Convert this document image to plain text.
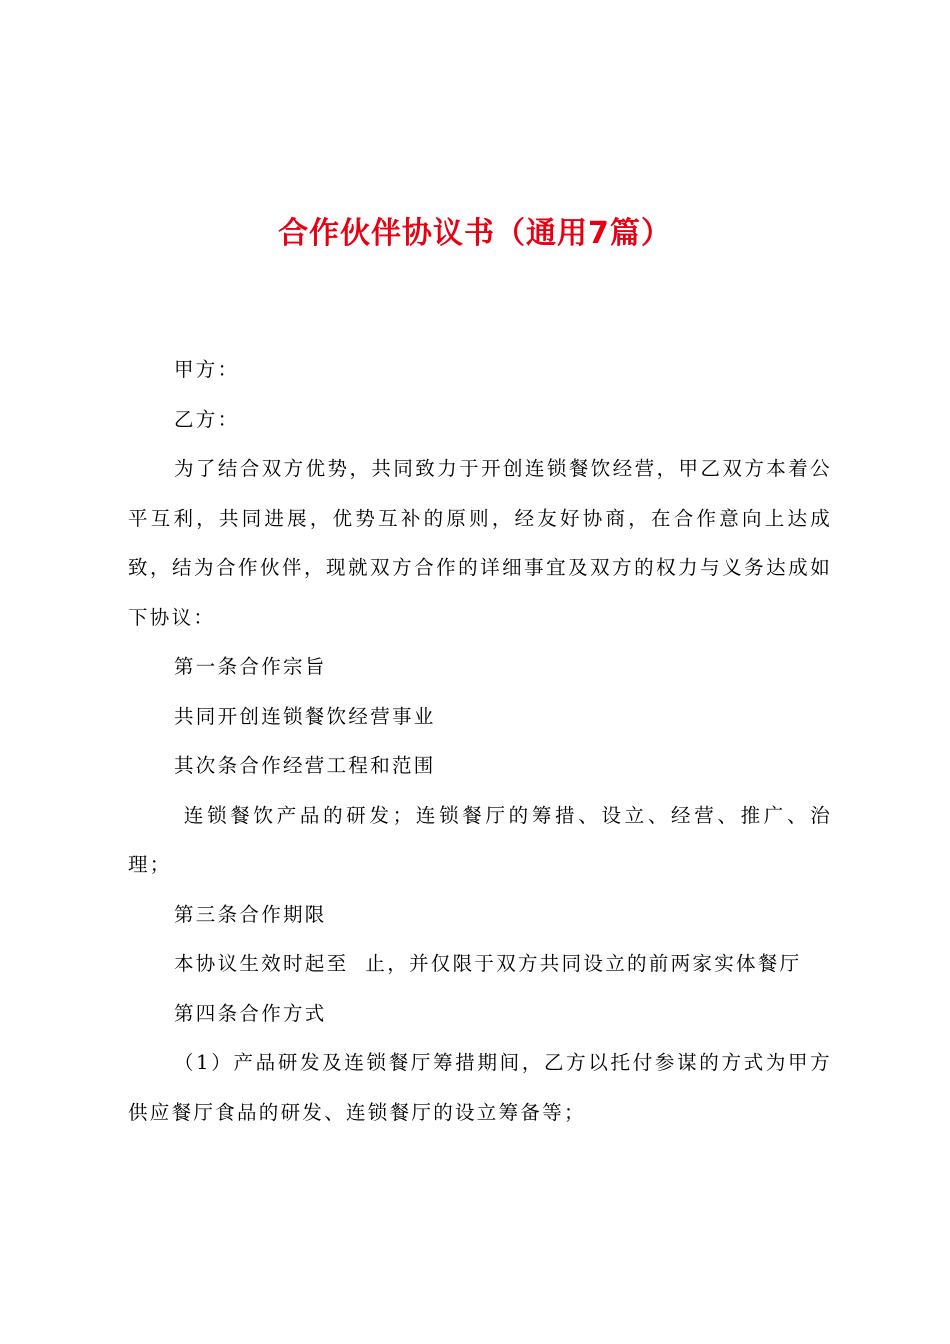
合作伙伴协议书（通用7篇）

甲方：

乙方：

为了结合双方优势，共同致力于开创连锁餐饮经营，甲乙双方本着公平互利，共同进展，优势互补的原则，经友好协商，在合作意向上达成致，结为合作伙伴，现就双方合作的详细事宜及双方的权力与义务达成如下协议：

第一条合作宗旨

共同开创连锁餐饮经营事业

其次条合作经营工程和范围

连锁餐饮产品的研发；连锁餐厅的筹措、设立、经营、推广、治理；

第三条合作期限

本协议生效时起至  止，并仅限于双方共同设立的前两家实体餐厅

第四条合作方式

（1）产品研发及连锁餐厅筹措期间，乙方以托付参谋的方式为甲方供应餐厅食品的研发、连锁餐厅的设立筹备等；
